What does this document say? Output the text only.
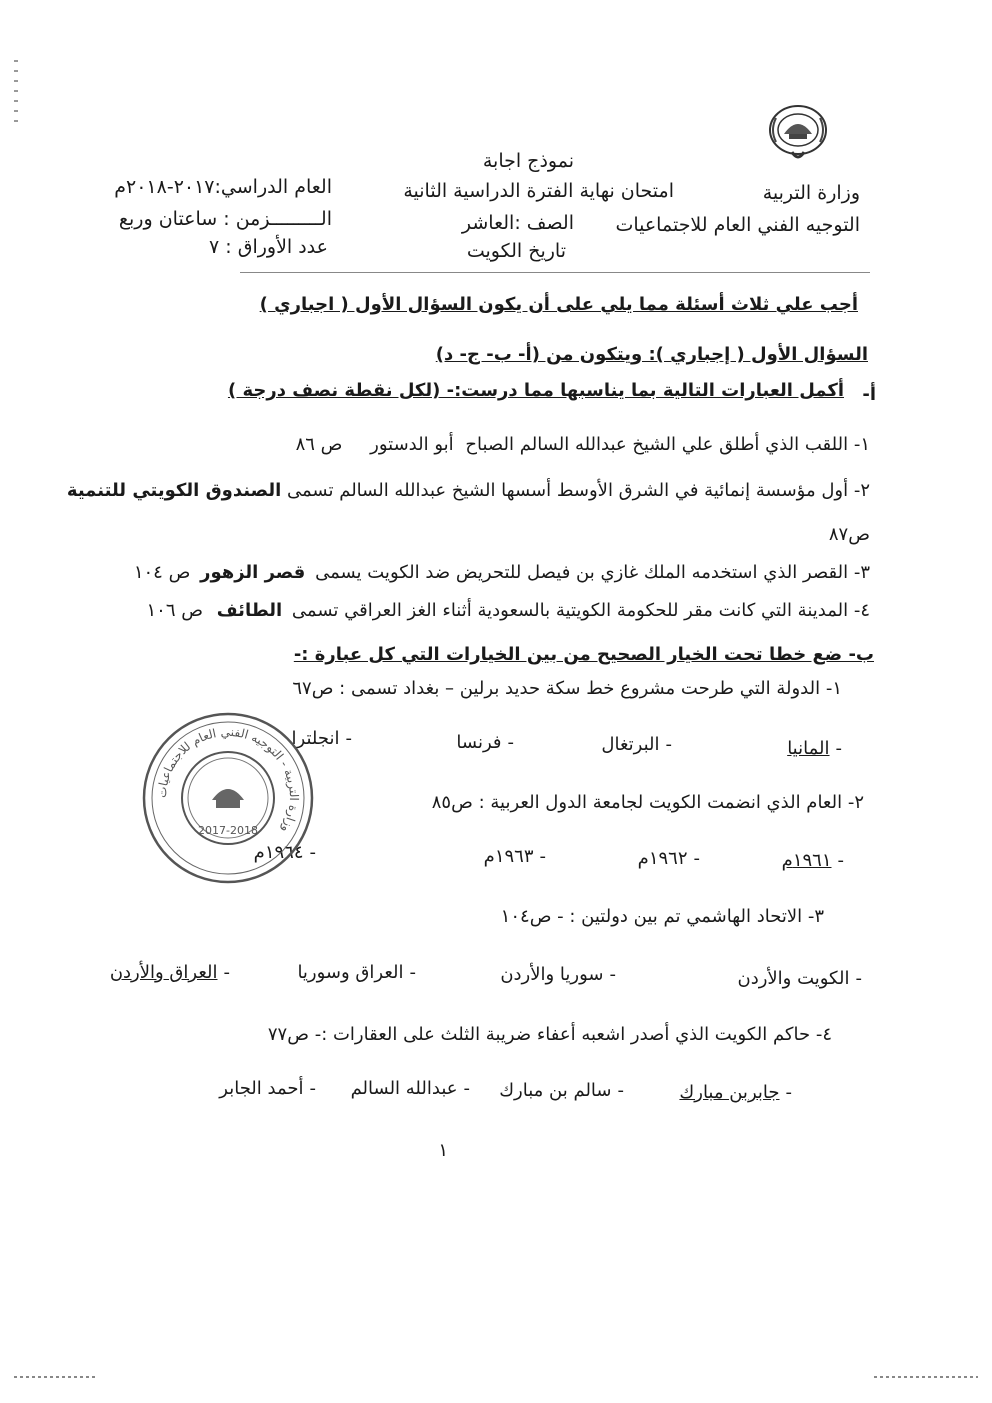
نموذج اجابة
وزارة التربية
امتحان نهاية الفترة الدراسية الثانية
العام الدراسي:٢٠١٧-٢٠١٨م
التوجيه الفني العام للاجتماعيات
الصف :العاشر
الـــــــــزمن : ساعتان وربع
تاريخ الكويت
عدد الأوراق : ٧
أجب علي ثلاث أسئلة مما يلي على أن يكون السؤال الأول ( اجباري )
السؤال الأول ( إجباري ): ويتكون من (أ- ب- ج- د)
أ-
أكمل العبارات التالية بما يناسبها مما درست:- (لكل نقطة نصف درجة )
١- اللقب الذي أطلق علي الشيخ عبدالله السالم الصباح أبو الدستور ص ٨٦
٢- أول مؤسسة إنمائية في الشرق الأوسط أسسها الشيخ عبدالله السالم تسمى الصندوق الكويتي للتنمية
ص٨٧
٣- القصر الذي استخدمه الملك غازي بن فيصل للتحريض ضد الكويت يسمى قصر الزهور ص ١٠٤
٤- المدينة التي كانت مقر للحكومة الكويتية بالسعودية أثناء الغز العراقي تسمى الطائف ص ١٠٦
ب- ضع خطا تحت الخيار الصحيح من بين الخيارات التي كل عبارة :-
١- الدولة التي طرحت مشروع خط سكة حديد برلين – بغداد تسمى : ص٦٧
-المانيا
-البرتغال
-فرنسا
-انجلترا
٢- العام الذي انضمت الكويت لجامعة الدول العربية : ص٨٥
-١٩٦١م
-١٩٦٢م
-١٩٦٣م
-١٩٦٤م
٣- الاتحاد الهاشمي تم بين دولتين : - ص١٠٤
-الكويت والأردن
-سوريا والأردن
-العراق وسوريا
-العراق والأردن
٤- حاكم الكويت الذي أصدر اشعبه أعفاء ضريبة الثلث على العقارات :- ص٧٧
-جابربن مبارك
-سالم بن مبارك
-عبدالله السالم
-أحمد الجابر
وزارة التربية - التوجيه الفني العام للاجتماعيات
2017-2018
١
